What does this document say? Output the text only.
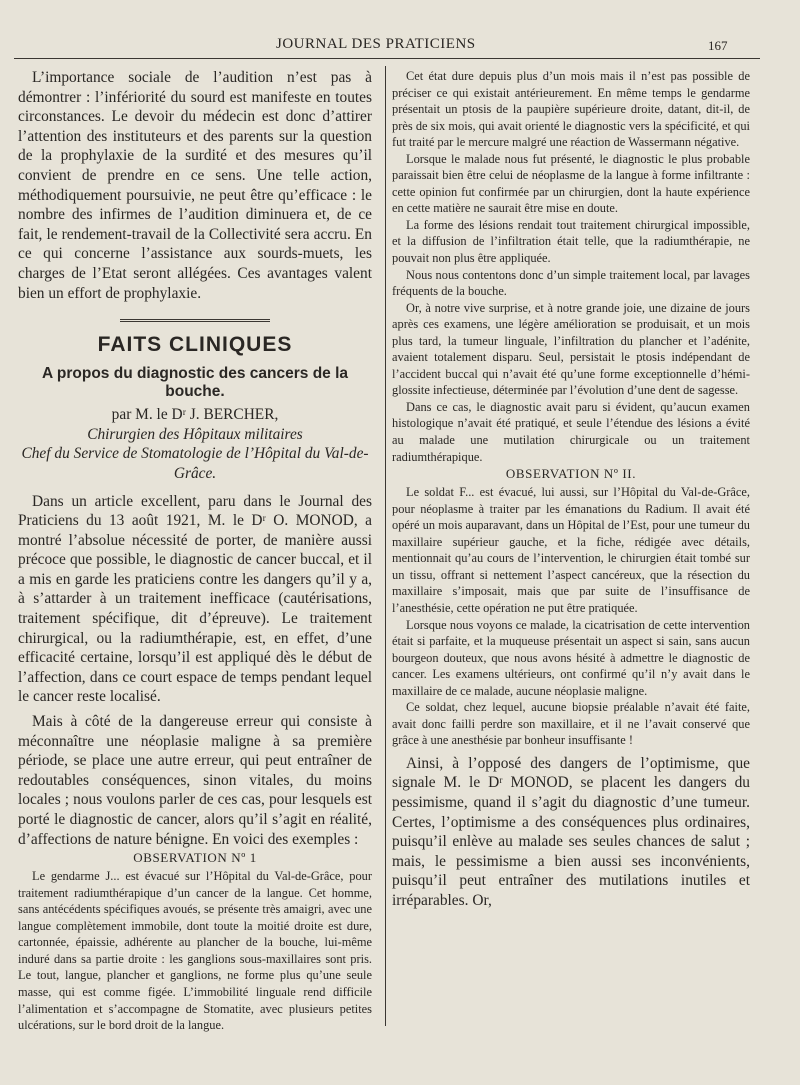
JOURNAL DES PRATICIENS	167

L’importance sociale de l’audition n’est pas à démontrer : l’infériorité du sourd est manifeste en toutes circonstances. Le devoir du médecin est donc d’attirer l’attention des instituteurs et des parents sur la question de la prophylaxie de la surdité et des mesures qu’il convient de prendre en ce sens. Une telle action, méthodiquement poursuivie, ne peut être qu’efficace : le nombre des infirmes de l’audition diminuera et, de ce fait, le rendement-travail de la Collectivité sera accru. En ce qui concerne l’assistance aux sourds-muets, les charges de l’Etat seront allégées. Ces avantages valent bien un effort de prophylaxie.

FAITS CLINIQUES
A propos du diagnostic des cancers de la bouche.
par M. le Dʳ J. BERCHER,
Chirurgien des Hôpitaux militaires
Chef du Service de Stomatologie de l’Hôpital du Val-de-Grâce.

Dans un article excellent, paru dans le Journal des Praticiens du 13 août 1921, M. le Dʳ O. MONOD, a montré l’absolue nécessité de porter, de manière aussi précoce que possible, le diagnostic de cancer buccal, et il a mis en garde les praticiens contre les dangers qu’il y a, à s’attarder à un traitement inefficace (cautérisations, traitement spécifique, dit d’épreuve). Le traitement chirurgical, ou la radiumthérapie, est, en effet, d’une efficacité certaine, lorsqu’il est appliqué dès le début de l’affection, dans ce court espace de temps pendant lequel le cancer reste localisé.

Mais à côté de la dangereuse erreur qui consiste à méconnaître une néoplasie maligne à sa première période, se place une autre erreur, qui peut entraîner de redoutables conséquences, sinon vitales, du moins locales ; nous voulons parler de ces cas, pour lesquels est porté le diagnostic de cancer, alors qu’il s’agit en réalité, d’affections de nature bénigne. En voici des exemples :

OBSERVATION Nº 1

Le gendarme J... est évacué sur l’Hôpital du Val-de-Grâce, pour traitement radiumthérapique d’un cancer de la langue. Cet homme, sans antécédents spécifiques avoués, se présente très amaigri, avec une langue complètement immobile, dont toute la moitié droite est dure, cartonnée, épaissie, adhérente au plancher de la bouche, lui-même induré dans sa partie droite : les ganglions sous-maxillaires sont pris. Le tout, langue, plancher et ganglions, ne forme plus qu’une seule masse, qui est comme figée. L’immobilité linguale rend difficile l’alimentation et s’accompagne de Stomatite, avec plusieurs petites ulcérations, sur le bord droit de la langue.

Cet état dure depuis plus d’un mois mais il n’est pas possible de préciser ce qui existait antérieurement. En même temps le gendarme présentait un ptosis de la paupière supérieure droite, datant, dit-il, de près de six mois, qui avait orienté le diagnostic vers la spécificité, et qui fut traité par le mercure malgré une réaction de Wassermann négative.

Lorsque le malade nous fut présenté, le diagnostic le plus probable paraissait bien être celui de néoplasme de la langue à forme infiltrante : cette opinion fut confirmée par un chirurgien, dont la haute expérience en cette matière ne saurait être mise en doute.

La forme des lésions rendait tout traitement chirurgical impossible, et la diffusion de l’infiltration était telle, que la radiumthérapie, ne pouvait non plus être appliquée.

Nous nous contentons donc d’un simple traitement local, par lavages fréquents de la bouche.

Or, à notre vive surprise, et à notre grande joie, une dizaine de jours après ces examens, une légère amélioration se produisait, et un mois plus tard, la tumeur linguale, l’infiltration du plancher et l’adénite, avaient totalement disparu. Seul, persistait le ptosis indépendant de l’accident buccal qui n’avait été qu’une forme exceptionnelle d’hémi-glossite infectieuse, déterminée par l’évolution d’une dent de sagesse.

Dans ce cas, le diagnostic avait paru si évident, qu’aucun examen histologique n’avait été pratiqué, et seule l’étendue des lésions a évité au malade une mutilation chirurgicale ou un traitement radiumthérapique.

OBSERVATION Nº II.

Le soldat F... est évacué, lui aussi, sur l’Hôpital du Val-de-Grâce, pour néoplasme à traiter par les émanations du Radium. Il avait été opéré un mois auparavant, dans un Hôpital de l’Est, pour une tumeur du maxillaire supérieur gauche, et la fiche, rédigée avec détails, mentionnait qu’au cours de l’intervention, le chirurgien était tombé sur un tissu, offrant si nettement l’aspect cancéreux, que la résection du maxillaire s’imposait, mais que par suite de l’insuffisance de l’anesthésie, cette opération ne put être pratiquée.

Lorsque nous voyons ce malade, la cicatrisation de cette intervention était si parfaite, et la muqueuse présentait un aspect si sain, sans aucun bourgeon douteux, que nous avons hésité à admettre le diagnostic de cancer. Les examens ultérieurs, ont confirmé qu’il n’y avait dans le maxillaire de ce malade, aucune néoplasie maligne.

Ce soldat, chez lequel, aucune biopsie préalable n’avait été faite, avait donc failli perdre son maxillaire, et il ne l’avait conservé que grâce à une anesthésie par bonheur insuffisante !

Ainsi, à l’opposé des dangers de l’optimisme, que signale M. le Dʳ MONOD, se placent les dangers du pessimisme, quand il s’agit du diagnostic d’une tumeur. Certes, l’optimisme a des conséquences plus ordinaires, puisqu’il enlève au malade ses seules chances de salut ; mais, le pessimisme a bien aussi ses inconvénients, puisqu’il peut entraîner des mutilations inutiles et irréparables. Or,
